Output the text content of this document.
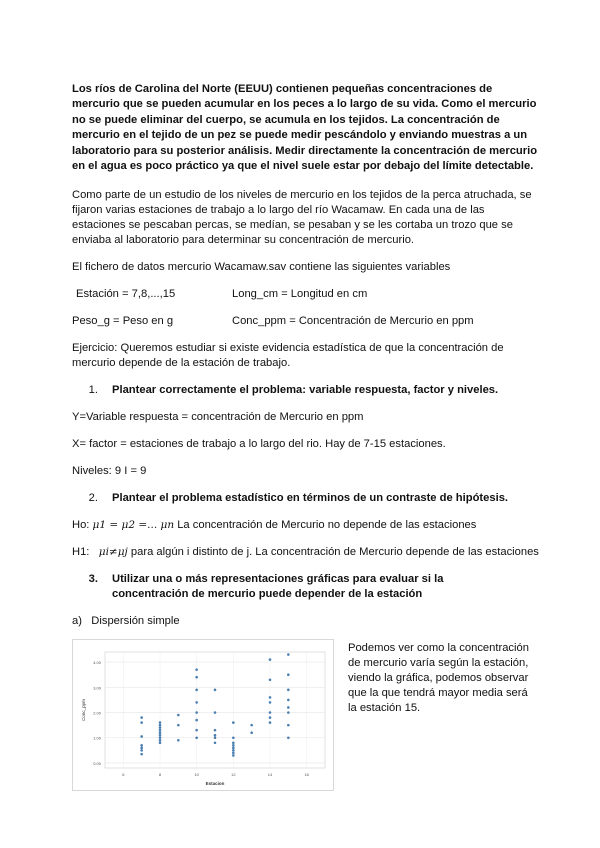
Los ríos de Carolina del Norte (EEUU) contienen pequeñas concentraciones de mercurio que se pueden acumular en los peces a lo largo de su vida. Como el mercurio no se puede eliminar del cuerpo, se acumula en los tejidos. La concentración de mercurio en el tejido de un pez se puede medir pescándolo y enviando muestras a un laboratorio para su posterior análisis. Medir directamente la concentración de mercurio en el agua es poco práctico ya que el nivel suele estar por debajo del límite detectable.

Como parte de un estudio de los niveles de mercurio en los tejidos de la perca atruchada, se fijaron varias estaciones de trabajo a lo largo del río Wacamaw. En cada una de las estaciones se pescaban percas, se medían, se pesaban y se les cortaba un trozo que se enviaba al laboratorio para determinar su concentración de mercurio.

El fichero de datos mercurio Wacamaw.sav contiene las siguientes variables

Estación = 7,8,...,15	Long_cm = Longitud en cm
Peso_g = Peso en g	Conc_ppm = Concentración de Mercurio en ppm

Ejercicio: Queremos estudiar si existe evidencia estadística de que la concentración de mercurio depende de la estación de trabajo.

1. Plantear correctamente el problema: variable respuesta, factor y niveles.

Y=Variable respuesta = concentración de Mercurio en ppm

X= factor = estaciones de trabajo a lo largo del rio. Hay de 7-15 estaciones.

Niveles: 9 I = 9

2. Plantear el problema estadístico en términos de un contraste de hipótesis.

Ho: μ1 = μ2 =... μn La concentración de Mercurio no depende de las estaciones

H1: μi≠μj para algún i distinto de j. La concentración de Mercurio depende de las estaciones

3. Utilizar una o más representaciones gráficas para evaluar si la concentración de mercurio puede depender de la estación

a) Dispersión simple

0.00
1.00
2.00
3.00
4.00
6	8	10	12	14	16
Estacion
Conc_ppm

Podemos ver como la concentración de mercurio varía según la estación, viendo la gráfica, podemos observar que la que tendrá mayor media será la estación 15.
